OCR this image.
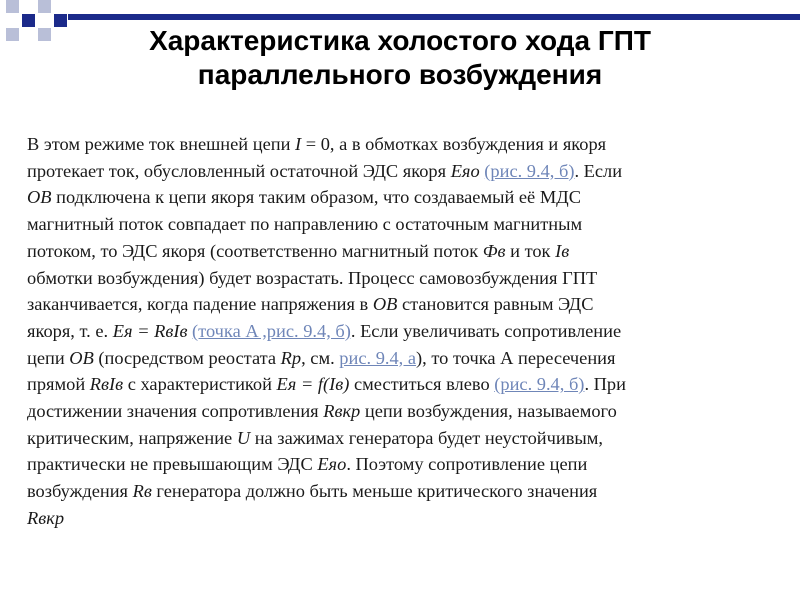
Характеристика холостого хода ГПТ
параллельного возбуждения
В этом режиме ток внешней цепи I = 0, а в обмотках возбуждения и якоря
протекает ток, обусловленный остаточной ЭДС якоря Eяо (рис. 9.4, б). Если
ОВ подключена к цепи якоря таким образом, что создаваемый её МДС
магнитный поток совпадает по направлению с остаточным магнитным
потоком, то ЭДС якоря (соответственно магнитный поток Фв и ток Iв
обмотки возбуждения) будет возрастать. Процесс самовозбуждения ГПТ
заканчивается, когда падение напряжения в ОВ становится равным ЭДС
якоря, т. е. Eя = RвIв (точка A ,рис. 9.4, б). Если увеличивать сопротивление
цепи ОВ (посредством реостата Rр, см. рис. 9.4, а), то точка А пересечения
прямой RвIв с характеристикой Eя = f(Iв) сместиться влево (рис. 9.4, б). При
достижении значения сопротивления Rвкр цепи возбуждения, называемого
критическим, напряжение U на зажимах генератора будет неустойчивым,
практически не превышающим ЭДС Eяо. Поэтому сопротивление цепи
возбуждения Rв генератора должно быть меньше критического значения
Rвкр
